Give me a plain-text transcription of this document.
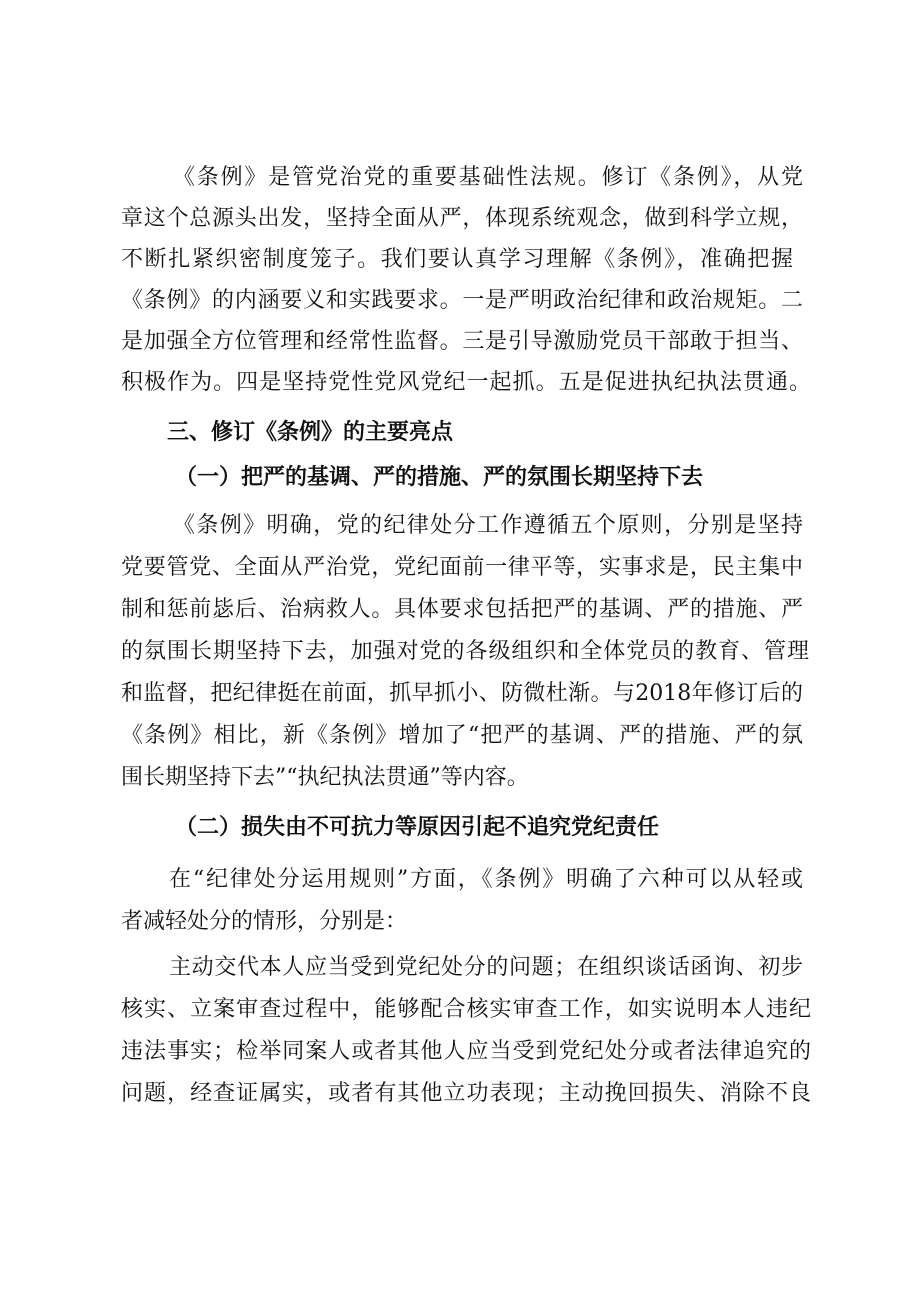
《条例》是管党治党的重要基础性法规。修订《条例》，从党

章这个总源头出发，坚持全面从严，体现系统观念，做到科学立规，

不断扎紧织密制度笼子。我们要认真学习理解《条例》，准确把握

《条例》的内涵要义和实践要求。一是严明政治纪律和政治规矩。二

是加强全方位管理和经常性监督。三是引导激励党员干部敢于担当、

积极作为。四是坚持党性党风党纪一起抓。五是促进执纪执法贯通。

三、修订《条例》的主要亮点

（一）把严的基调、严的措施、严的氛围长期坚持下去

《条例》明确，党的纪律处分工作遵循五个原则，分别是坚持

党要管党、全面从严治党，党纪面前一律平等，实事求是，民主集中

制和惩前毖后、治病救人。具体要求包括把严的基调、严的措施、严

的氛围长期坚持下去，加强对党的各级组织和全体党员的教育、管理

和监督，把纪律挺在前面，抓早抓小、防微杜渐。与2018年修订后的

《条例》相比，新《条例》增加了“把严的基调、严的措施、严的氛

围长期坚持下去”“执纪执法贯通”等内容。

（二）损失由不可抗力等原因引起不追究党纪责任

在“纪律处分运用规则”方面，《条例》明确了六种可以从轻或

者减轻处分的情形，分别是：

主动交代本人应当受到党纪处分的问题；在组织谈话函询、初步

核实、立案审查过程中，能够配合核实审查工作，如实说明本人违纪

违法事实；检举同案人或者其他人应当受到党纪处分或者法律追究的

问题，经查证属实，或者有其他立功表现；主动挽回损失、消除不良
